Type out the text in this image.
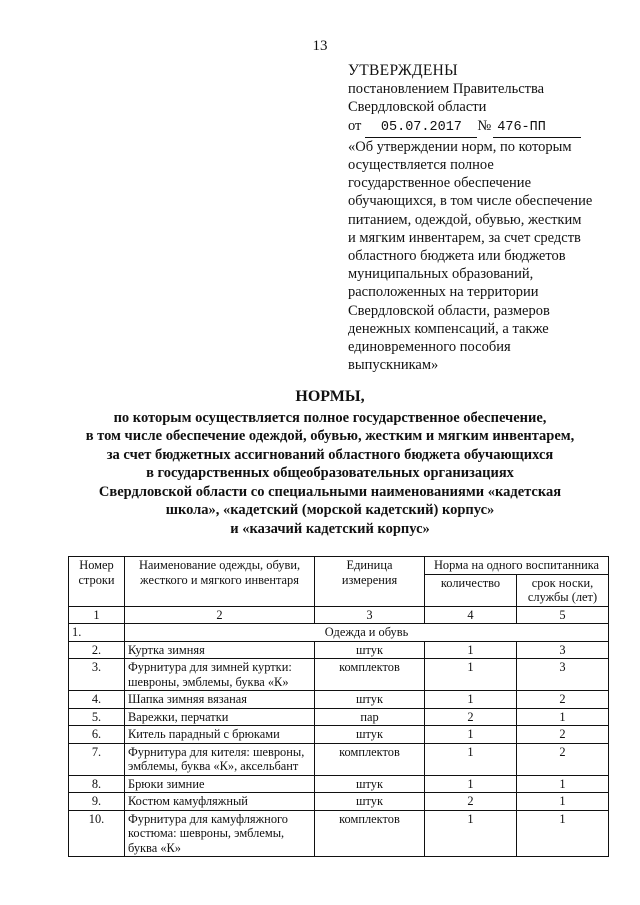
13
УТВЕРЖДЕНЫ
постановлением Правительства
Свердловской области
от 05.07.2017 № 476-ПП
«Об утверждении норм, по которым
осуществляется полное
государственное обеспечение
обучающихся, в том числе обеспечение
питанием, одеждой, обувью, жестким
и мягким инвентарем, за счет средств
областного бюджета или бюджетов
муниципальных образований,
расположенных на территории
Свердловской области, размеров
денежных компенсаций, а также
единовременного пособия
выпускникам»
НОРМЫ,
по которым осуществляется полное государственное обеспечение,
в том числе обеспечение одеждой, обувью, жестким и мягким инвентарем,
за счет бюджетных ассигнований областного бюджета обучающихся
в государственных общеобразовательных организациях
Свердловской области со специальными наименованиями «кадетская
школа», «кадетский (морской кадетский) корпус»
и «казачий кадетский корпус»
Номер строки	Наименование одежды, обуви, жесткого и мягкого инвентаря	Единица измерения	Норма на одного воспитанника	
			количество	срок носки, службы (лет)
1	2	3	4	5
1.	Одежда и обувь			
2.	Куртка зимняя	штук	1	3
3.	Фурнитура для зимней куртки: шевроны, эмблемы, буква «К»	комплектов	1	3
4.	Шапка зимняя вязаная	штук	1	2
5.	Варежки, перчатки	пар	2	1
6.	Китель парадный с брюками	штук	1	2
7.	Фурнитура для кителя: шевроны, эмблемы, буква «К», аксельбант	комплектов	1	2
8.	Брюки зимние	штук	1	1
9.	Костюм камуфляжный	штук	2	1
10.	Фурнитура для камуфляжного костюма: шевроны, эмблемы, буква «К»	комплектов	1	1
